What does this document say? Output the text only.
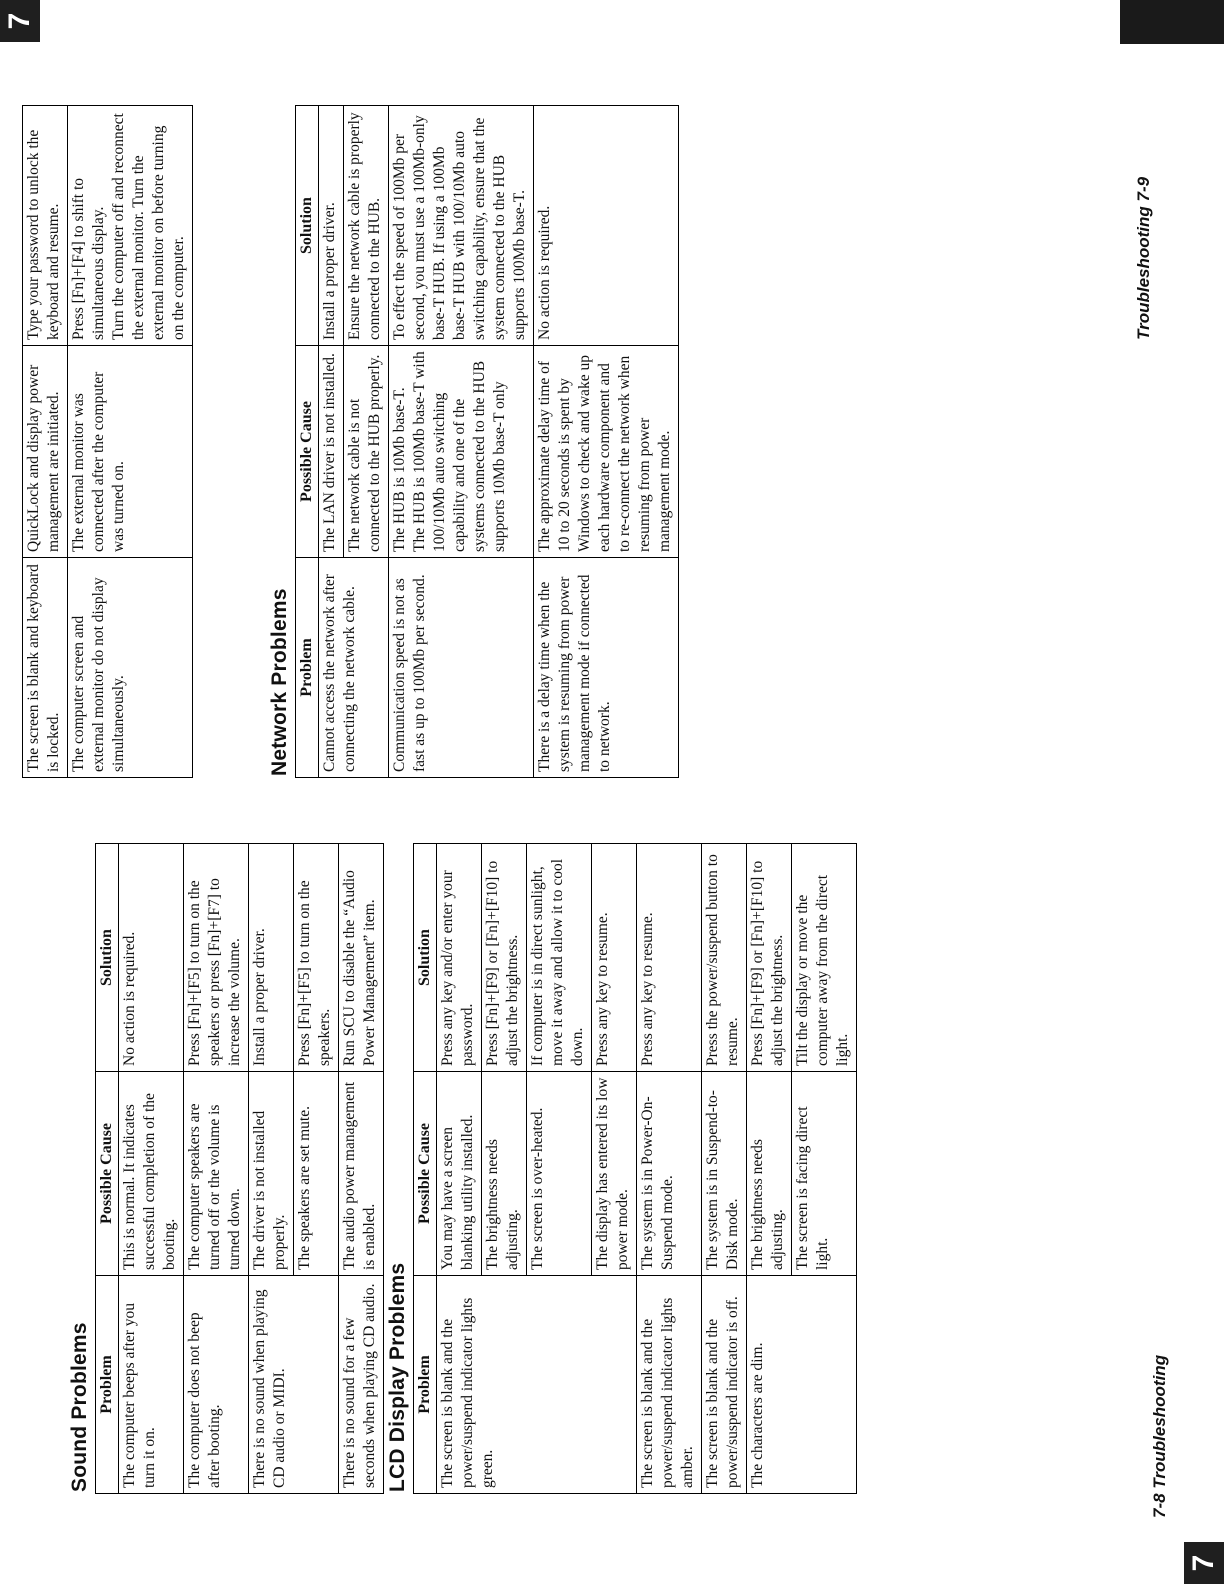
Sound Problems Problem	Possible Cause	Solution
The computer beeps after you turn it on.	This is normal. It indicates successful completion of the booting.	No action is required.
The computer does not beep after booting.	The computer speakers are turned off or the volume is turned down.	Press [Fn]+[F5] to turn on the speakers or press [Fn]+[F7] to increase the volume.
There is no sound when playing CD audio or MIDI.	The driver is not installed properly.	Install a proper driver.
	The speakers are set mute.	Press [Fn]+[F5] to turn on the speakers.
There is no sound for a few seconds when playing CD audio.	The audio power management is enabled.	Run SCU to disable the “Audio Power Management” item.
LCD Display Problems Problem	Possible Cause	Solution
The screen is blank and the power/suspend indicator lights green.	You may have a screen blanking utility installed.	Press any key and/or enter your password.
	The brightness needs adjusting.	Press [Fn]+[F9] or [Fn]+[F10] to adjust the brightness.
	The screen is over-heated.	If computer is in direct sunlight, move it away and allow it to cool down.
	The display has entered its low power mode.	Press any key to resume.
The screen is blank and the power/suspend indicator lights amber.	The system is in Power-On-Suspend mode.	Press any key to resume.
The screen is blank and the power/suspend indicator is off.	The system is in Suspend-to-Disk mode.	Press the power/suspend button to resume.
The characters are dim.	The brightness needs adjusting.	Press [Fn]+[F9] or [Fn]+[F10] to adjust the brightness.
	The screen is facing direct light.	Tilt the display or move the computer away from the direct light.
7
7-8 Troubleshooting
The screen is blank and keyboard is locked.	QuickLock and display power management are initiated.	Type your password to unlock the keyboard and resume.
The computer screen and external monitor do not display simultaneously.	The external monitor was connected after the computer was turned on.	Press [Fn]+[F4] to shift to simultaneous display. Turn the computer off and reconnect the external monitor. Turn the external monitor on before turning on the computer.
Network Problems Problem	Possible Cause	Solution
Cannot access the network after connecting the network cable.	The LAN driver is not installed.	Install a proper driver.
	The network cable is not connected to the HUB properly.	Ensure the network cable is properly connected to the HUB.
Communication speed is not as fast as up to 100Mb per second.	The HUB is 10Mb base-T. The HUB is 100Mb base-T with 100/10Mb auto switching capability and one of the systems connected to the HUB supports 10Mb base-T only	To effect the speed of 100Mb per second, you must use a 100Mb-only base-T HUB. If using a 100Mb base-T HUB with 100/10Mb auto switching capability, ensure that the system connected to the HUB supports 100Mb base-T.
There is a delay time when the system is resuming from power management mode if connected to network.	The approximate delay time of 10 to 20 seconds is spent by Windows to check and wake up each hardware component and to re-connect the network when resuming from power management mode.	No action is required.
7
Troubleshooting 7-9
